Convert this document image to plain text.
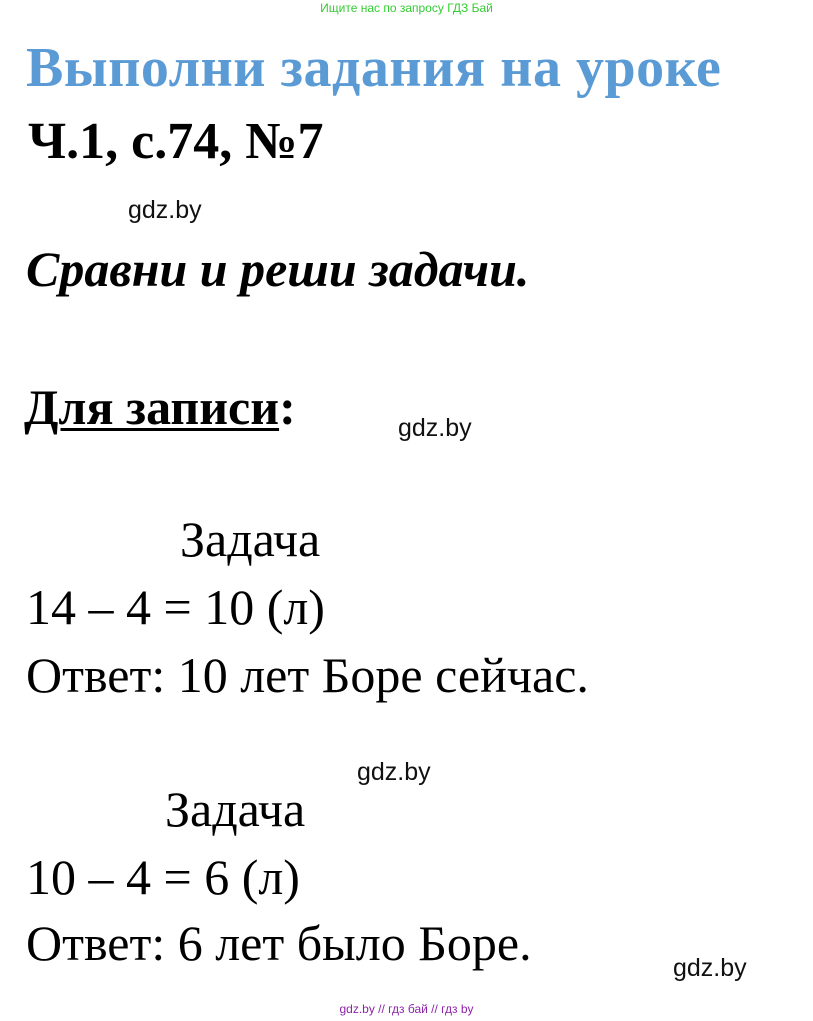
Ищите нас по запросу ГДЗ Бай
Выполни задания на уроке
Ч.1, с.74, №7
gdz.by
Сравни и реши задачи.
Для записи:	gdz.by
Задача
14 – 4 = 10 (л)
Ответ: 10 лет Боре сейчас.
gdz.by
Задача
10 – 4 = 6 (л)
Ответ: 6 лет было Боре.	gdz.by
gdz.by // гдз бай // гдз by
